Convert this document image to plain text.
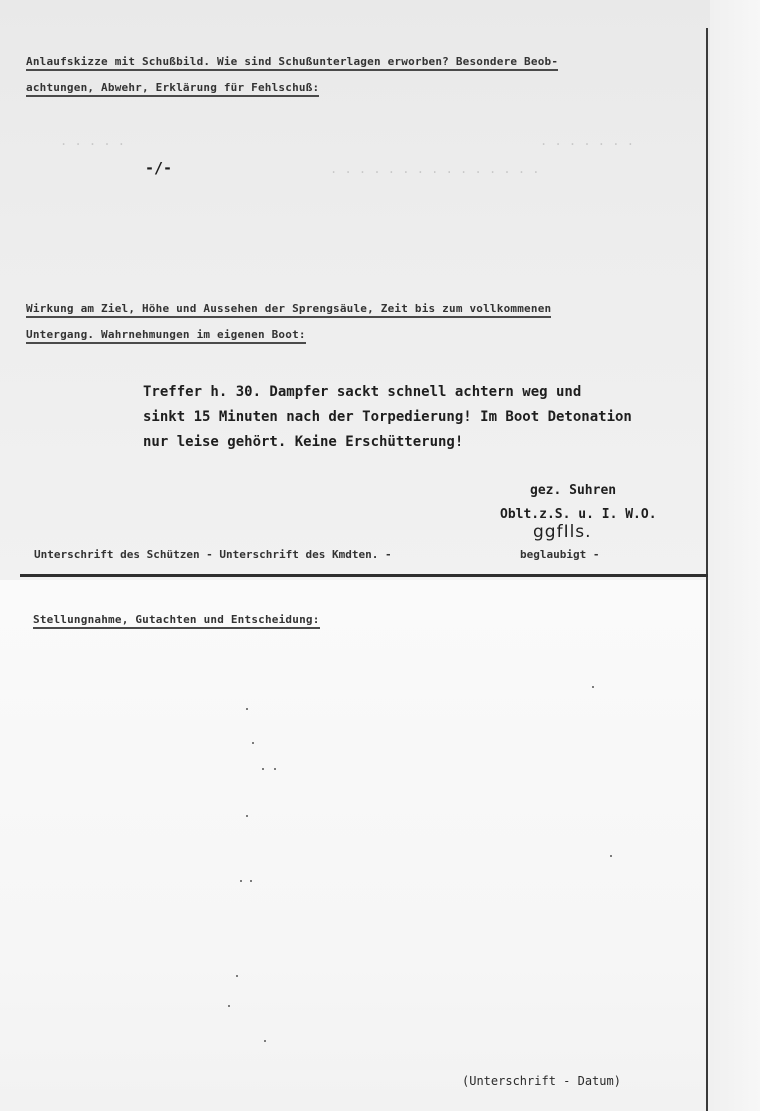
. . . . .	. . . . . . .
. . . . . . . . . . . . . . .
Anlaufskizze mit Schußbild. Wie sind Schußunterlagen erworben? Besondere Beob-
achtungen, Abwehr, Erklärung für Fehlschuß:
-/-
Wirkung am Ziel, Höhe und Aussehen der Sprengsäule, Zeit bis zum vollkommenen
Untergang. Wahrnehmungen im eigenen Boot:
Treffer h. 30. Dampfer sackt schnell achtern weg und
sinkt 15 Minuten nach der Torpedierung! Im Boot Detonation
nur leise gehört. Keine Erschütterung!
gez. Suhren
Oblt.z.S. u. I. W.O.
ggfIls.
Unterschrift des Schützen - Unterschrift des Kmdten. -	beglaubigt -
Stellungnahme, Gutachten und Entscheidung:
(Unterschrift - Datum)
